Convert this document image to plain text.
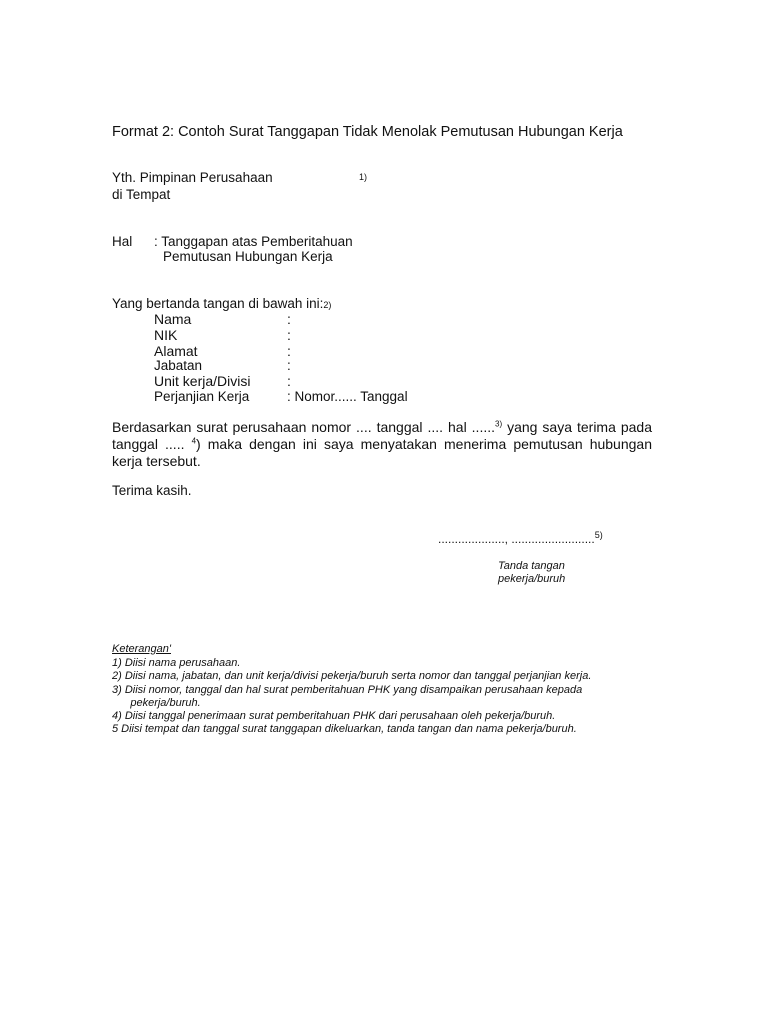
Format 2: Contoh Surat Tanggapan Tidak Menolak Pemutusan Hubungan Kerja
Yth. Pimpinan Perusahaan	1)
di Tempat
Hal : Tanggapan atas Pemberitahuan
Pemutusan Hubungan Kerja
Yang bertanda tangan di bawah ini:2)
Nama	:
NIK	:
Alamat	:
Jabatan	:
Unit kerja/Divisi	:
Perjanjian Kerja	: Nomor...... Tanggal
Berdasarkan surat perusahaan nomor .... tanggal .... hal ......$^{3)}$ yang saya terima pada tanggal ..... $^4$) maka dengan ini saya menyatakan menerima pemutusan hubungan kerja tersebut.
Terima kasih.
...................., .........................$^{5)}$
Tanda tangan
pekerja/buruh
Keterangan'
1) Diisi nama perusahaan.
2) Diisi nama, jabatan, dan unit kerja/divisi pekerja/buruh serta nomor dan tanggal perjanjian kerja.
3) Diisi nomor, tanggal dan hal surat pemberitahuan PHK yang disampaikan perusahaan kepada
pekerja/buruh.
4) Diisi tanggal penerimaan surat pemberitahuan PHK dari perusahaan oleh pekerja/buruh.
5 Diisi tempat dan tanggal surat tanggapan dikeluarkan, tanda tangan dan nama pekerja/buruh.
